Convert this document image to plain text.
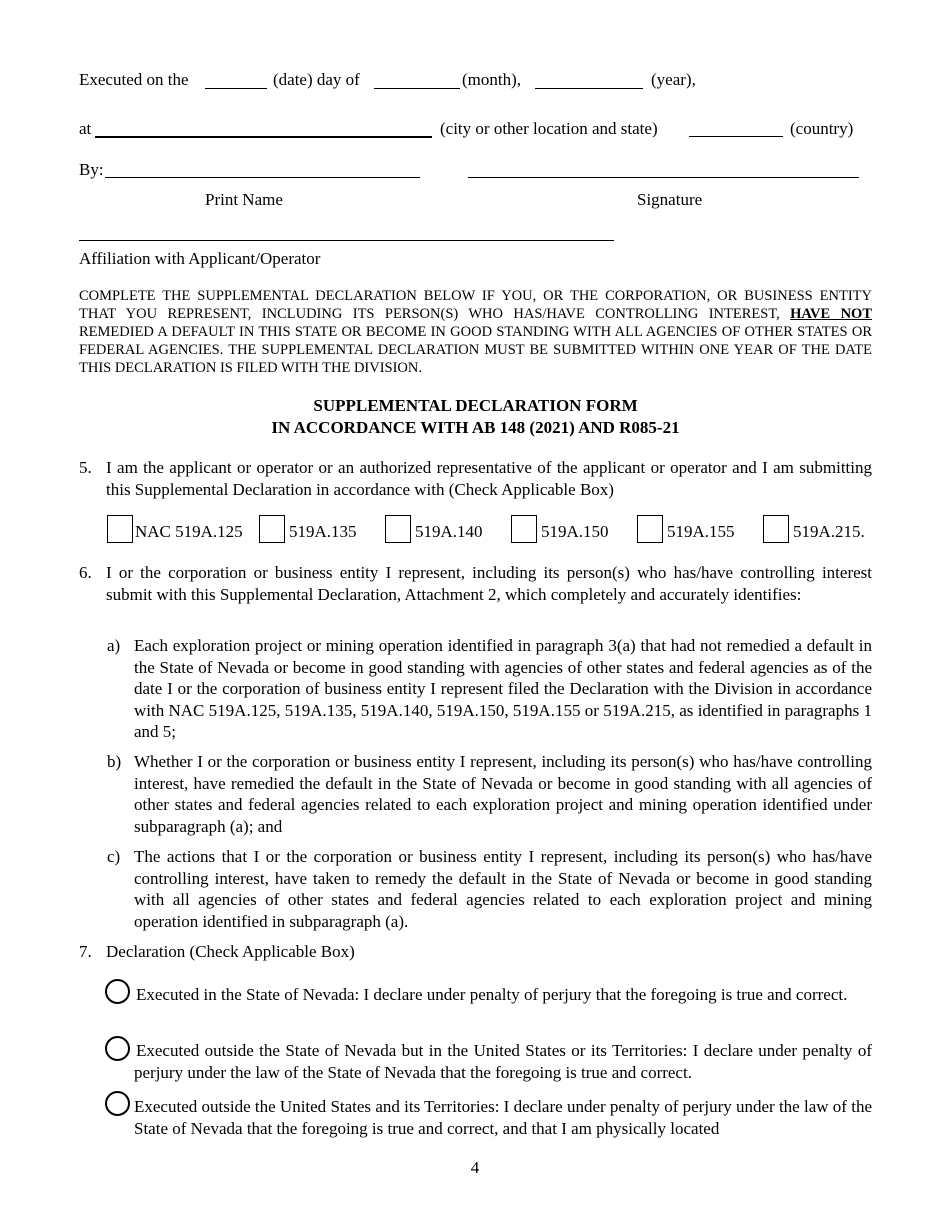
Executed on the	(date) day of	(month),	(year),
at	(city or other location and state)	(country)
By:
Print Name	Signature
Affiliation with Applicant/Operator
COMPLETE THE SUPPLEMENTAL DECLARATION BELOW IF YOU, OR THE CORPORATION, OR BUSINESS ENTITY THAT YOU REPRESENT, INCLUDING ITS PERSON(S) WHO HAS/HAVE CONTROLLING INTEREST, HAVE NOT REMEDIED A DEFAULT IN THIS STATE OR BECOME IN GOOD STANDING WITH ALL AGENCIES OF OTHER STATES OR FEDERAL AGENCIES. THE SUPPLEMENTAL DECLARATION MUST BE SUBMITTED WITHIN ONE YEAR OF THE DATE THIS DECLARATION IS FILED WITH THE DIVISION.
SUPPLEMENTAL DECLARATION FORM
IN ACCORDANCE WITH AB 148 (2021) AND R085-21
5. I am the applicant or operator or an authorized representative of the applicant or operator and I am submitting this Supplemental Declaration in accordance with (Check Applicable Box)
NAC 519A.125	519A.135	519A.140	519A.150	519A.155	519A.215.
6. I or the corporation or business entity I represent, including its person(s) who has/have controlling interest submit with this Supplemental Declaration, Attachment 2, which completely and accurately identifies:
a) Each exploration project or mining operation identified in paragraph 3(a) that had not remedied a default in the State of Nevada or become in good standing with agencies of other states and federal agencies as of the date I or the corporation of business entity I represent filed the Declaration with the Division in accordance with NAC 519A.125, 519A.135, 519A.140, 519A.150, 519A.155 or 519A.215, as identified in paragraphs 1 and 5;
b) Whether I or the corporation or business entity I represent, including its person(s) who has/have controlling interest, have remedied the default in the State of Nevada or become in good standing with all agencies of other states and federal agencies related to each exploration project and mining operation identified under subparagraph (a); and
c) The actions that I or the corporation or business entity I represent, including its person(s) who has/have controlling interest, have taken to remedy the default in the State of Nevada or become in good standing with all agencies of other states and federal agencies related to each exploration project and mining operation identified in subparagraph (a).
7. Declaration (Check Applicable Box)
Executed in the State of Nevada: I declare under penalty of perjury that the foregoing is true and correct.
Executed outside the State of Nevada but in the United States or its Territories: I declare under penalty of perjury under the law of the State of Nevada that the foregoing is true and correct.
Executed outside the United States and its Territories: I declare under penalty of perjury under the law of the State of Nevada that the foregoing is true and correct, and that I am physically located
4
